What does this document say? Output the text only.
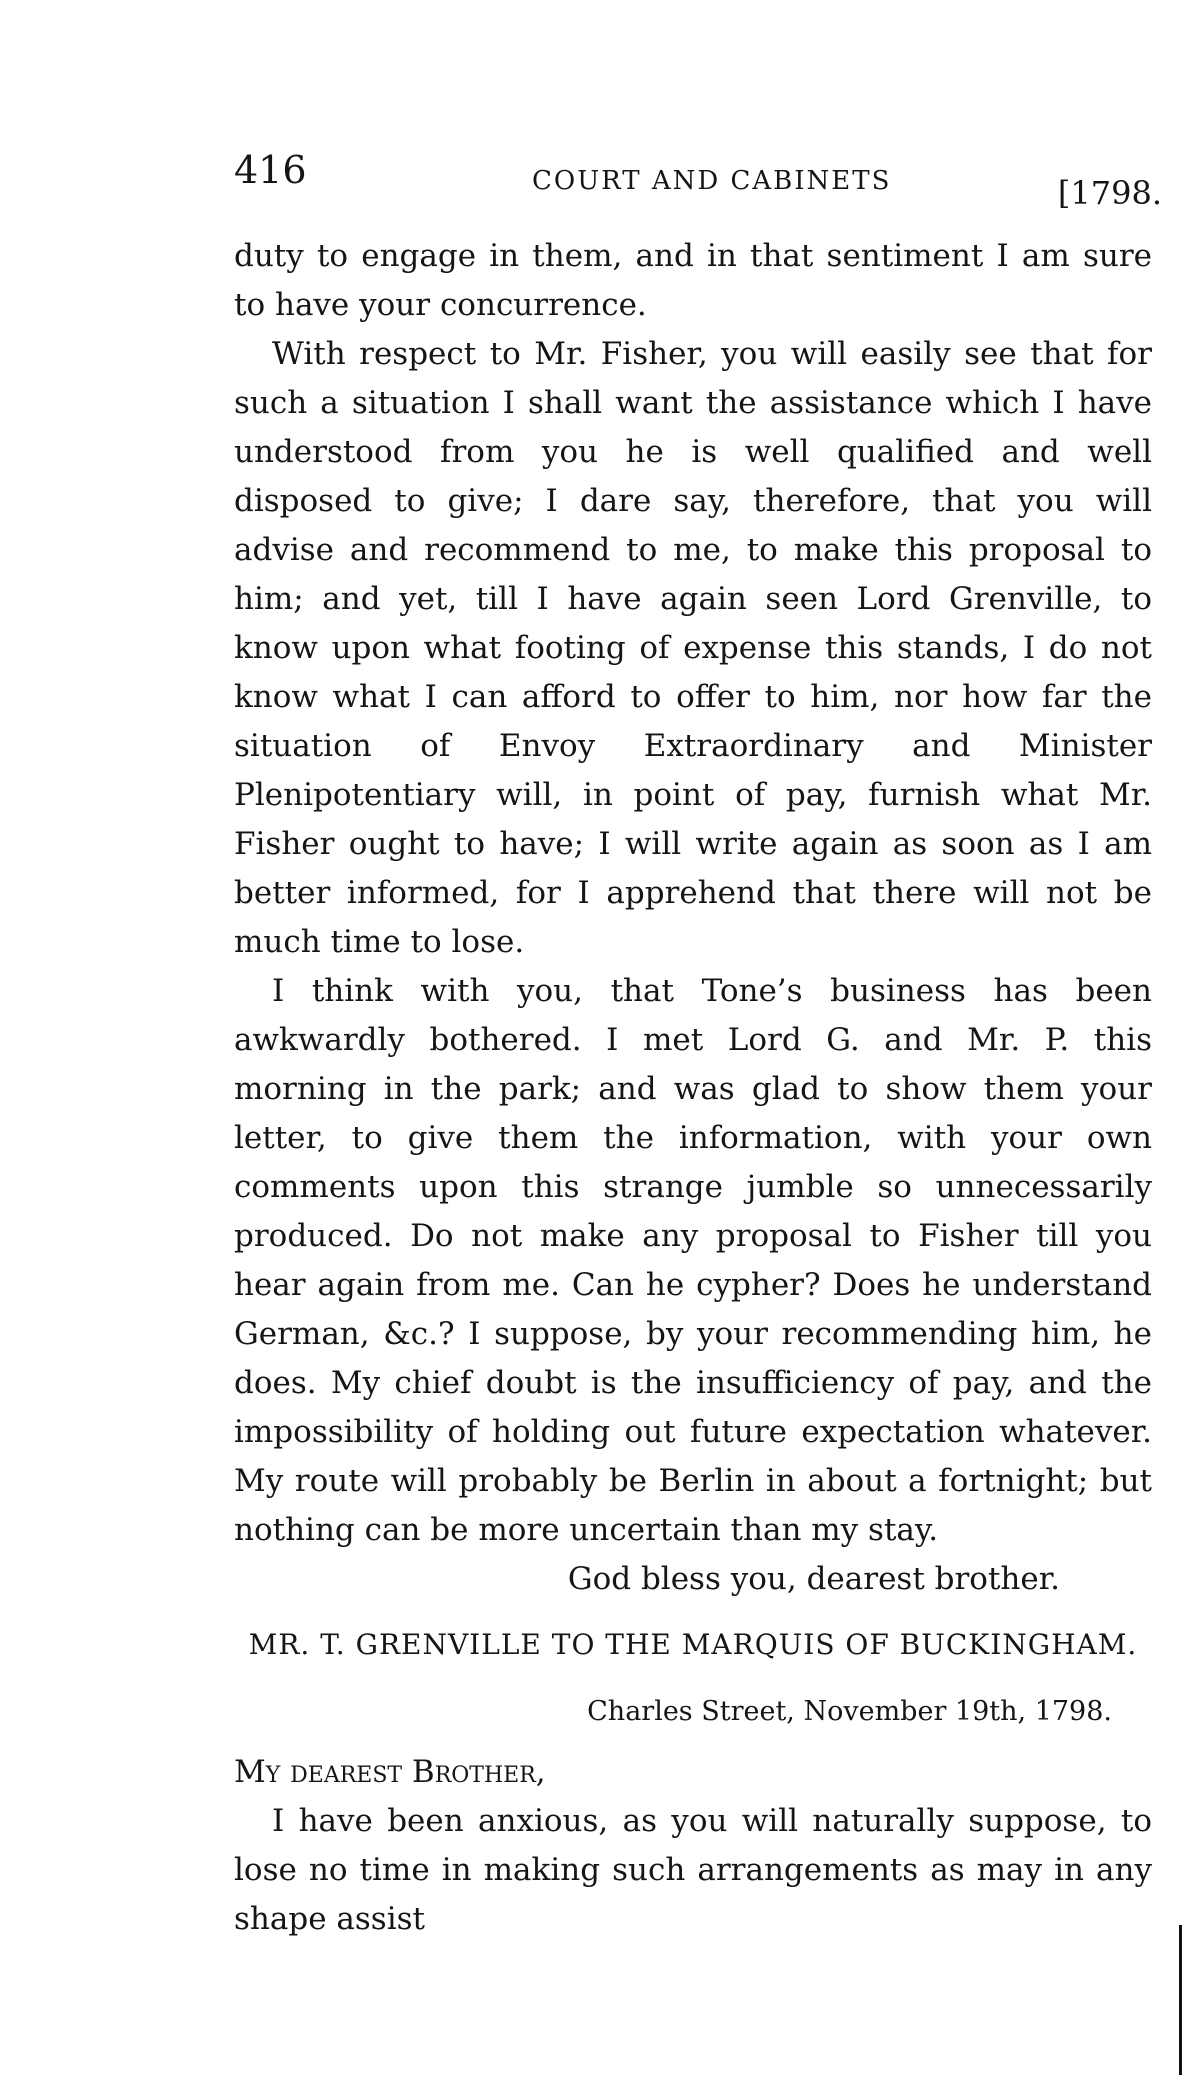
416	COURT AND CABINETS	[1798.

duty to engage in them, and in that sentiment I am sure to have your concurrence.

With respect to Mr. Fisher, you will easily see that for such a situation I shall want the assistance which I have understood from you he is well qualified and well disposed to give; I dare say, therefore, that you will advise and recommend to me, to make this proposal to him; and yet, till I have again seen Lord Grenville, to know upon what footing of expense this stands, I do not know what I can afford to offer to him, nor how far the situation of Envoy Extraordinary and Minister Plenipotentiary will, in point of pay, furnish what Mr. Fisher ought to have; I will write again as soon as I am better informed, for I apprehend that there will not be much time to lose.

I think with you, that Tone’s business has been awkwardly bothered. I met Lord G. and Mr. P. this morning in the park; and was glad to show them your letter, to give them the information, with your own comments upon this strange jumble so unnecessarily produced. Do not make any proposal to Fisher till you hear again from me. Can he cypher? Does he understand German, &c.? I suppose, by your recommending him, he does. My chief doubt is the insufficiency of pay, and the impossibility of holding out future expectation whatever. My route will probably be Berlin in about a fortnight; but nothing can be more uncertain than my stay.

God bless you, dearest brother.

MR. T. GRENVILLE TO THE MARQUIS OF BUCKINGHAM.

Charles Street, November 19th, 1798.

My dearest Brother,

I have been anxious, as you will naturally suppose, to lose no time in making such arrangements as may in any shape assist
